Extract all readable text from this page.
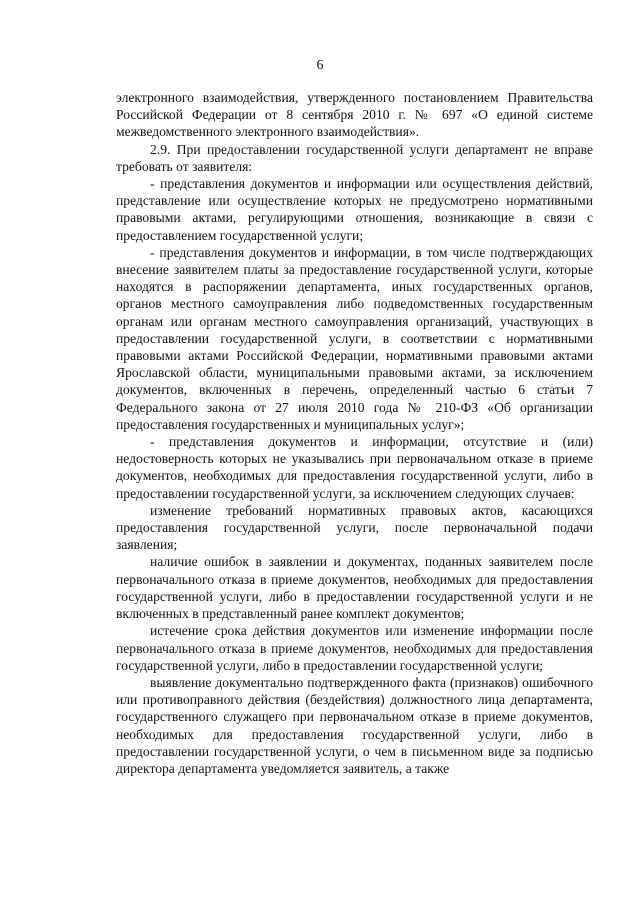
6

электронного взаимодействия, утвержденного постановлением Правительства Российской Федерации от 8 сентября 2010 г. № 697 «О единой системе межведомственного электронного взаимодействия».

2.9. При предоставлении государственной услуги департамент не вправе требовать от заявителя:

- представления документов и информации или осуществления действий, представление или осуществление которых не предусмотрено нормативными правовыми актами, регулирующими отношения, возникающие в связи с предоставлением государственной услуги;

- представления документов и информации, в том числе подтверждающих внесение заявителем платы за предоставление государственной услуги, которые находятся в распоряжении департамента, иных государственных органов, органов местного самоуправления либо подведомственных государственным органам или органам местного самоуправления организаций, участвующих в предоставлении государственной услуги, в соответствии с нормативными правовыми актами Российской Федерации, нормативными правовыми актами Ярославской области, муниципальными правовыми актами, за исключением документов, включенных в перечень, определенный частью 6 статьи 7 Федерального закона от 27 июля 2010 года № 210-ФЗ «Об организации предоставления государственных и муниципальных услуг»;

- представления документов и информации, отсутствие и (или) недостоверность которых не указывались при первоначальном отказе в приеме документов, необходимых для предоставления государственной услуги, либо в предоставлении государственной услуги, за исключением следующих случаев:

изменение требований нормативных правовых актов, касающихся предоставления государственной услуги, после первоначальной подачи заявления;

наличие ошибок в заявлении и документах, поданных заявителем после первоначального отказа в приеме документов, необходимых для предоставления государственной услуги, либо в предоставлении государственной услуги и не включенных в представленный ранее комплект документов;

истечение срока действия документов или изменение информации после первоначального отказа в приеме документов, необходимых для предоставления государственной услуги, либо в предоставлении государственной услуги;

выявление документально подтвержденного факта (признаков) ошибочного или противоправного действия (бездействия) должностного лица департамента, государственного служащего при первоначальном отказе в приеме документов, необходимых для предоставления государственной услуги, либо в предоставлении государственной услуги, о чем в письменном виде за подписью директора департамента уведомляется заявитель, а также
